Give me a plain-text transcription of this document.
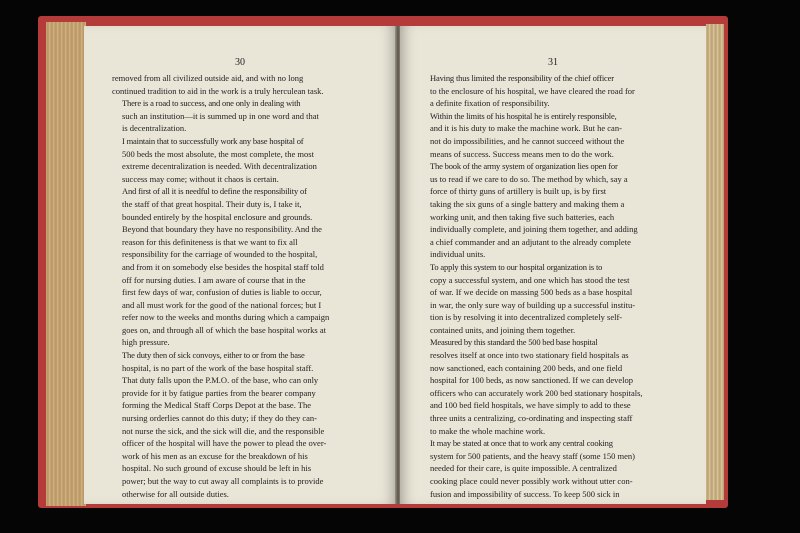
30

removed from all civilized outside aid, and with no long
continued tradition to aid in the work is a truly herculean task.

There is a road to success, and one only in dealing with
such an institution—it is summed up in one word and that
is decentralization.

I maintain that to successfully work any base hospital of
500 beds the most absolute, the most complete, the most
extreme decentralization is needed. With decentralization
success may come; without it chaos is certain.

And first of all it is needful to define the responsibility of
the staff of that great hospital. Their duty is, I take it,
bounded entirely by the hospital enclosure and grounds.
Beyond that boundary they have no responsibility. And the
reason for this definiteness is that we want to fix all
responsibility for the carriage of wounded to the hospital,
and from it on somebody else besides the hospital staff told
off for nursing duties. I am aware of course that in the
first few days of war, confusion of duties is liable to occur,
and all must work for the good of the national forces; but I
refer now to the weeks and months during which a campaign
goes on, and through all of which the base hospital works at
high pressure.

The duty then of sick convoys, either to or from the base
hospital, is no part of the work of the base hospital staff.
That duty falls upon the P.M.O. of the base, who can only
provide for it by fatigue parties from the bearer company
forming the Medical Staff Corps Depot at the base. The
nursing orderlies cannot do this duty; if they do they can-
not nurse the sick, and the sick will die, and the responsible
officer of the hospital will have the power to plead the over-
work of his men as an excuse for the breakdown of his
hospital. No such ground of excuse should be left in his
power; but the way to cut away all complaints is to provide
otherwise for all outside duties.

31

Having thus limited the responsibility of the chief officer
to the enclosure of his hospital, we have cleared the road for
a definite fixation of responsibility.

Within the limits of his hospital he is entirely responsible,
and it is his duty to make the machine work. But he can-
not do impossibilities, and he cannot succeed without the
means of success. Success means men to do the work.

The book of the army system of organization lies open for
us to read if we care to do so. The method by which, say a
force of thirty guns of artillery is built up, is by first
taking the six guns of a single battery and making them a
working unit, and then taking five such batteries, each
individually complete, and joining them together, and adding
a chief commander and an adjutant to the already complete
individual units.

To apply this system to our hospital organization is to
copy a successful system, and one which has stood the test
of war. If we decide on massing 500 beds as a base hospital
in war, the only sure way of building up a successful institu-
tion is by resolving it into decentralized completely self-
contained units, and joining them together.

Measured by this standard the 500 bed base hospital
resolves itself at once into two stationary field hospitals as
now sanctioned, each containing 200 beds, and one field
hospital for 100 beds, as now sanctioned. If we can develop
officers who can accurately work 200 bed stationary hospitals,
and 100 bed field hospitals, we have simply to add to these
three units a centralizing, co-ordinating and inspecting staff
to make the whole machine work.

It may be stated at once that to work any central cooking
system for 500 patients, and the heavy staff (some 150 men)
needed for their care, is quite impossible. A centralized
cooking place could never possibly work without utter con-
fusion and impossibility of success. To keep 500 sick in
